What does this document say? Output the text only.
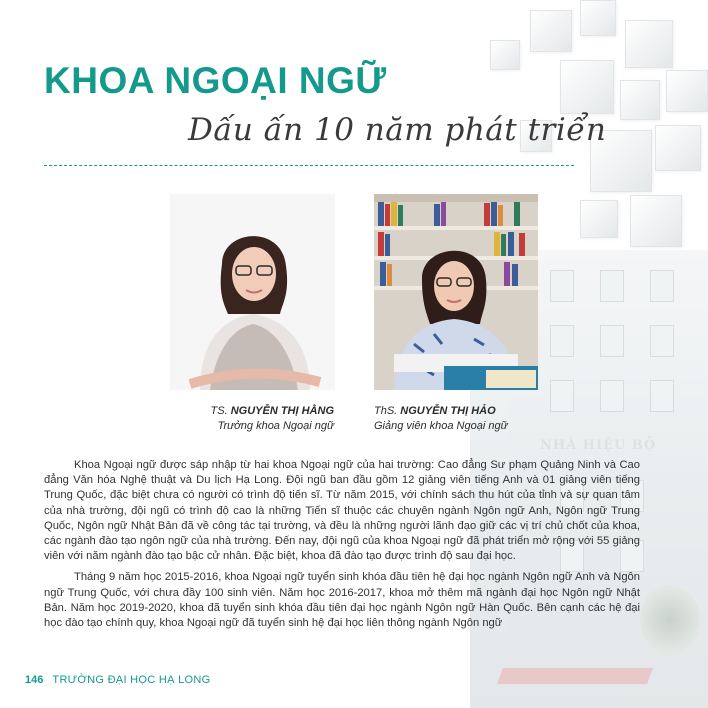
NHÀ HIỆU BỘ
KHOA NGOẠI NGỮ
Dấu ấn 10 năm phát triển
TS. NGUYỄN THỊ HẰNG
Trưởng khoa Ngoại ngữ
ThS. NGUYỄN THỊ HẢO
Giảng viên khoa Ngoại ngữ

Khoa Ngoại ngữ được sáp nhập từ hai khoa Ngoại ngữ của hai trường: Cao đẳng Sư phạm Quảng Ninh và Cao đẳng Văn hóa Nghệ thuật và Du lịch Hạ Long. Đội ngũ ban đầu gồm 12 giảng viên tiếng Anh và 01 giảng viên tiếng Trung Quốc, đặc biệt chưa có người có trình độ tiến sĩ. Từ năm 2015, với chính sách thu hút của tỉnh và sự quan tâm của nhà trường, đội ngũ có trình độ cao là những Tiến sĩ thuộc các chuyên ngành Ngôn ngữ Anh, Ngôn ngữ Trung Quốc, Ngôn ngữ Nhật Bản đã về công tác tại trường, và đều là những người lãnh đạo giữ các vị trí chủ chốt của khoa, các ngành đào tạo ngôn ngữ của nhà trường. Đến nay, đội ngũ của khoa Ngoại ngữ đã phát triển mở rộng với 55 giảng viên với năm ngành đào tạo bậc cử nhân. Đặc biệt, khoa đã đào tạo được trình độ sau đại học.

Tháng 9 năm học 2015-2016, khoa Ngoại ngữ tuyển sinh khóa đầu tiên hệ đại học ngành Ngôn ngữ Anh và Ngôn ngữ Trung Quốc, với chưa đầy 100 sinh viên. Năm học 2016-2017, khoa mở thêm mã ngành đại học Ngôn ngữ Nhật Bản. Năm học 2019-2020, khoa đã tuyển sinh khóa đầu tiên đại học ngành Ngôn ngữ Hàn Quốc. Bên cạnh các hệ đại học đào tạo chính quy, khoa Ngoại ngữ đã tuyển sinh hệ đại học liên thông ngành Ngôn ngữ

146 TRƯỜNG ĐẠI HỌC HẠ LONG
